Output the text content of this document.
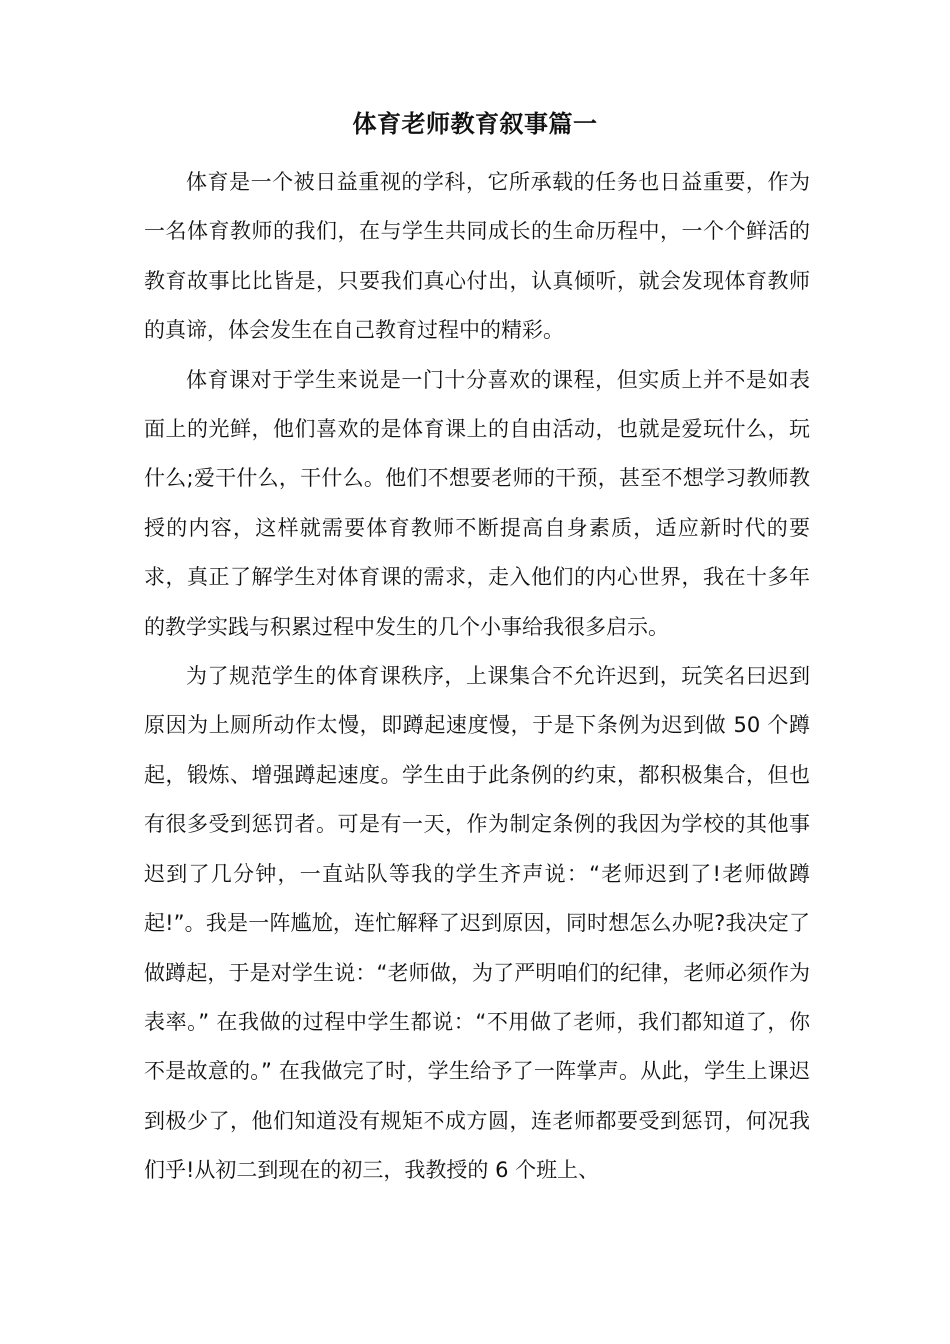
体育老师教育叙事篇一

体育是一个被日益重视的学科，它所承载的任务也日益重要，作为一名体育教师的我们，在与学生共同成长的生命历程中，一个个鲜活的教育故事比比皆是，只要我们真心付出，认真倾听，就会发现体育教师的真谛，体会发生在自己教育过程中的精彩。

体育课对于学生来说是一门十分喜欢的课程，但实质上并不是如表面上的光鲜，他们喜欢的是体育课上的自由活动，也就是爱玩什么，玩什么;爱干什么，干什么。他们不想要老师的干预，甚至不想学习教师教授的内容，这样就需要体育教师不断提高自身素质，适应新时代的要求，真正了解学生对体育课的需求，走入他们的内心世界，我在十多年的教学实践与积累过程中发生的几个小事给我很多启示。

为了规范学生的体育课秩序，上课集合不允许迟到，玩笑名曰迟到原因为上厕所动作太慢，即蹲起速度慢，于是下条例为迟到做 50 个蹲起，锻炼、增强蹲起速度。学生由于此条例的约束，都积极集合，但也有很多受到惩罚者。可是有一天，作为制定条例的我因为学校的其他事迟到了几分钟，一直站队等我的学生齐声说：“老师迟到了!老师做蹲起!”。我是一阵尴尬，连忙解释了迟到原因，同时想怎么办呢?我决定了做蹲起，于是对学生说：“老师做，为了严明咱们的纪律，老师必须作为表率。” 在我做的过程中学生都说：“不用做了老师，我们都知道了，你不是故意的。” 在我做完了时，学生给予了一阵掌声。从此，学生上课迟到极少了，他们知道没有规矩不成方圆，连老师都要受到惩罚，何况我们乎!从初二到现在的初三，我教授的 6 个班上、
